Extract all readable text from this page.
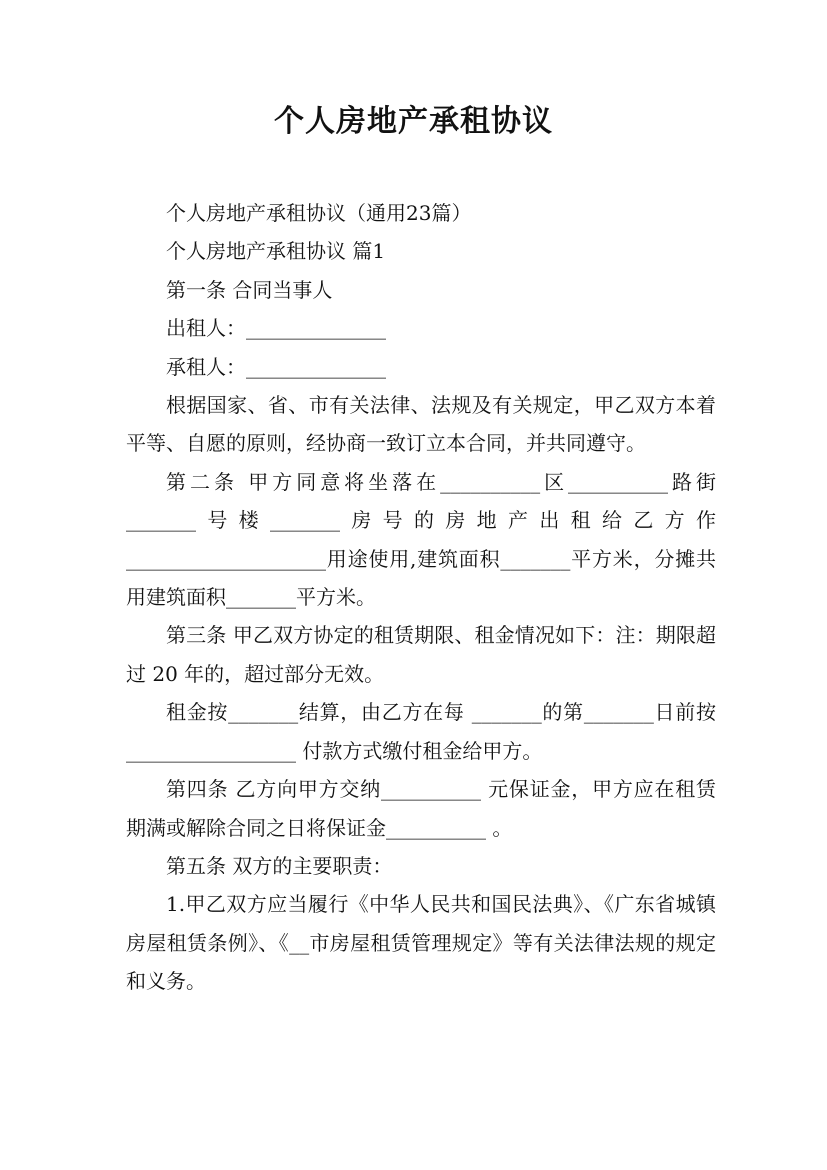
个人房地产承租协议

个人房地产承租协议（通用23篇）

个人房地产承租协议 篇1

第一条 合同当事人

出租人：______________

承租人：______________

根据国家、省、市有关法律、法规及有关规定，甲乙双方本着平等、自愿的原则，经协商一致订立本合同，并共同遵守。

第二条 甲方同意将坐落在__________区__________路街_______号楼_______房号的房地产出租给乙方作____________________用途使用,建筑面积_______平方米，分摊共用建筑面积_______平方米。

第三条 甲乙双方协定的租赁期限、租金情况如下：注：期限超过 20 年的，超过部分无效。

租金按_______结算，由乙方在每 _______的第_______日前按_________________ 付款方式缴付租金给甲方。

第四条 乙方向甲方交纳__________ 元保证金，甲方应在租赁期满或解除合同之日将保证金__________ 。

第五条 双方的主要职责：

1.甲乙双方应当履行《中华人民共和国民法典》、《广东省城镇房屋租赁条例》、《__市房屋租赁管理规定》等有关法律法规的规定和义务。
